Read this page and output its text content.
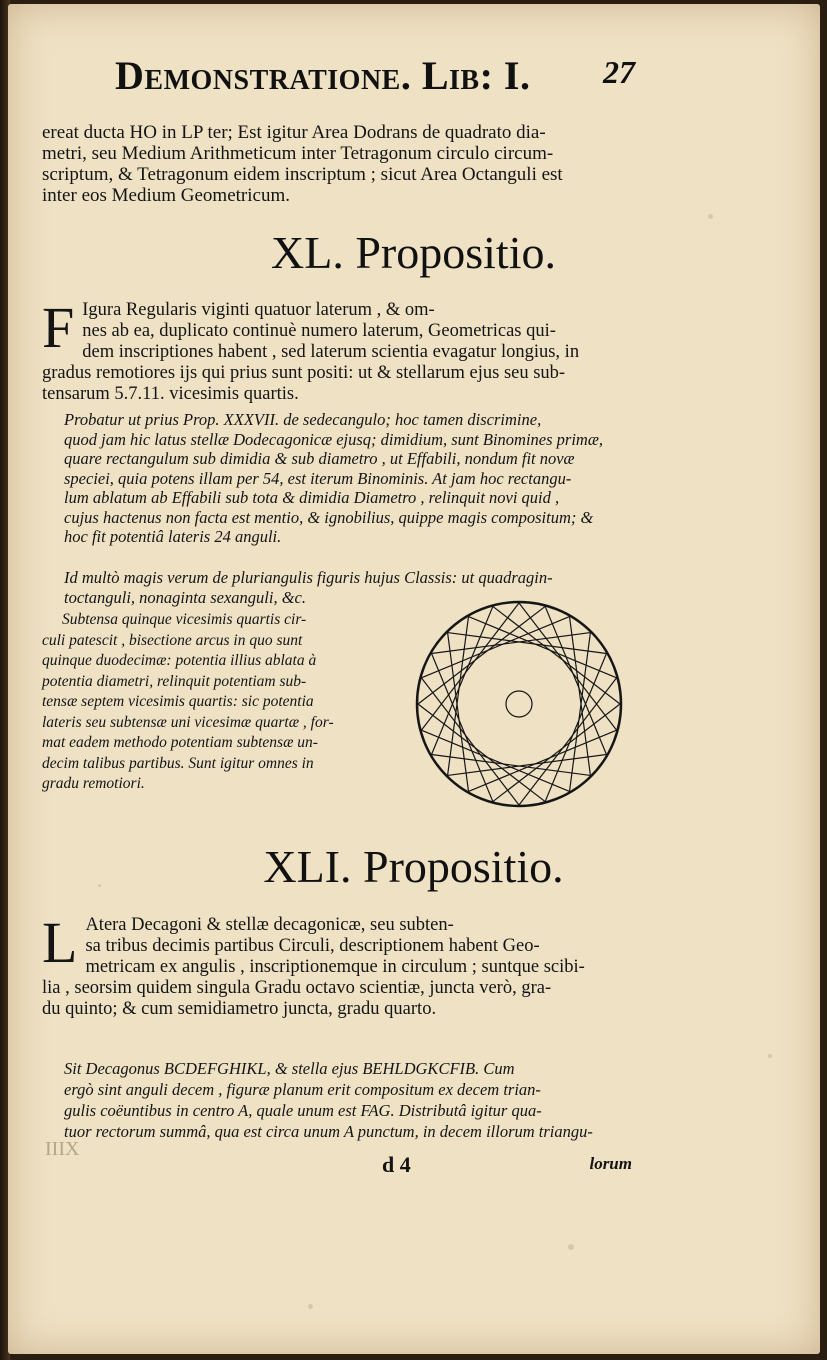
Demonstratione. Lib: I. 27

ereat ducta HO in LP ter; Est igitur Area Dodrans de quadrato dia-

metri, seu Medium Arithmeticum inter Tetragonum circulo circum-

scriptum, & Tetragonum eidem inscriptum ; sicut Area Octanguli est

inter eos Medium Geometricum.

XL. Propositio.
F Igura Regularis viginti quatuor laterum , & om-

nes ab ea, duplicato continuè numero laterum, Geometricas qui-

dem inscriptiones habent , sed laterum scientia evagatur longius, in

gradus remotiores ijs qui prius sunt positi: ut & stellarum ejus seu sub-

tensarum 5.7.11. vicesimis quartis.

Probatur ut prius Prop. XXXVII. de sedecangulo; hoc tamen discrimine,

quod jam hic latus stellæ Dodecagonicæ ejusq; dimidium, sunt Binomines primæ,

quare rectangulum sub dimidia & sub diametro , ut Effabili, nondum fit novæ

speciei, quia potens illam per 54, est iterum Binominis. At jam hoc rectangu-

lum ablatum ab Effabili sub tota & dimidia Diametro , relinquit novi quid ,

cujus hactenus non facta est mentio, & ignobilius, quippe magis compositum; &

hoc fit potentiâ lateris 24 anguli.

Id multò magis verum de pluriangulis figuris hujus Classis: ut quadragin-

toctanguli, nonaginta sexanguli, &c.

Subtensa quinque vicesimis quartis cir-

culi patescit , bisectione arcus in quo sunt

quinque duodecimæ: potentia illius ablata à

potentia diametri, relinquit potentiam sub-

tensæ septem vicesimis quartis: sic potentia

lateris seu subtensæ uni vicesimæ quartæ , for-

mat eadem methodo potentiam subtensæ un-

decim talibus partibus. Sunt igitur omnes in

gradu remotiori.

XLI. Propositio.
L Atera Decagoni & stellæ decagonicæ, seu subten-

sa tribus decimis partibus Circuli, descriptionem habent Geo-

metricam ex angulis , inscriptionemque in circulum ; suntque scibi-

lia , seorsim quidem singula Gradu octavo scientiæ, juncta verò, gra-

du quinto; & cum semidiametro juncta, gradu quarto.

Sit Decagonus BCDEFGHIKL, & stella ejus BEHLDGKCFIB. Cum

ergò sint anguli decem , figuræ planum erit compositum ex decem trian-

gulis coëuntibus in centro A, quale unum est FAG. Distributâ igitur qua-

tuor rectorum summâ, qua est circa unum A punctum, in decem illorum triangu-

IIIX
d 4	lorum
